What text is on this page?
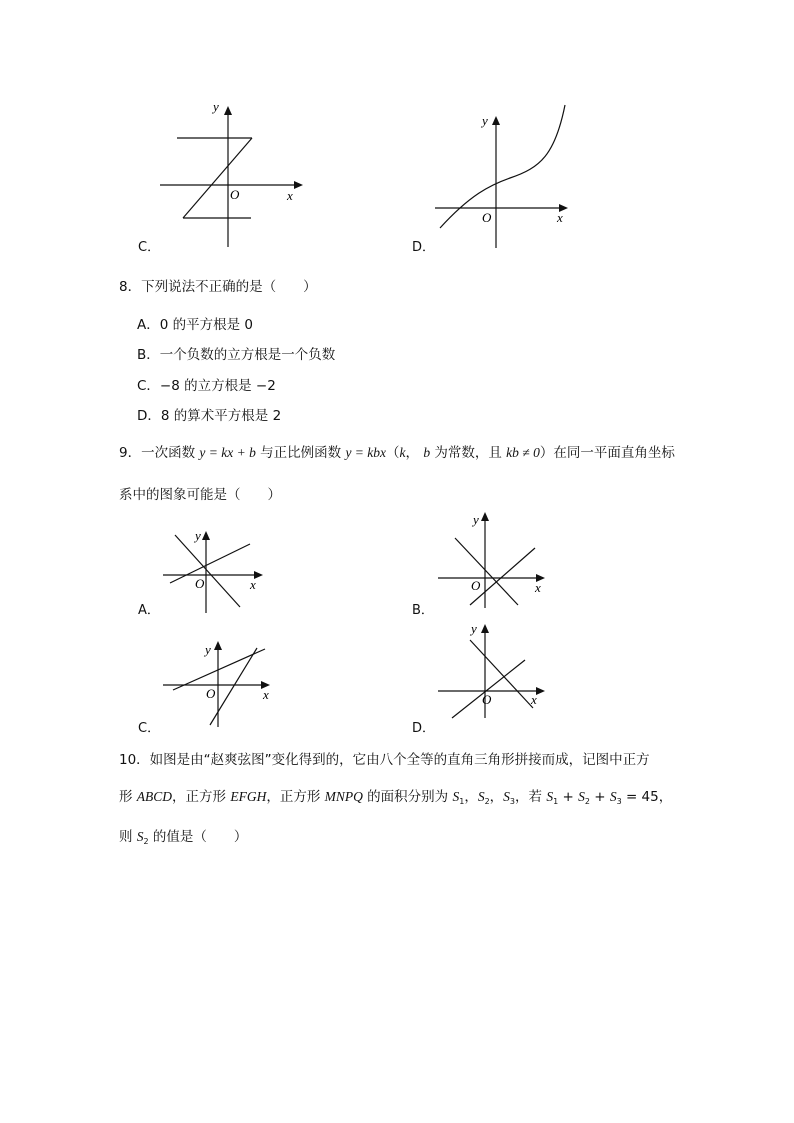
y
x
O
C．
y
x
O
D．
8．下列说法不正确的是（　　）
A．0 的平方根是 0
B．一个负数的立方根是一个负数
C．−8 的立方根是 −2
D．8 的算术平方根是 2
9．一次函数 y = kx + b 与正比例函数 y = kbx（k， b 为常数，且 kb ≠ 0）在同一平面直角坐标
系中的图象可能是（　　）
y
x
O
A．
y
x
O
B．
y
x
O
C．
y
x
O
D．
10．如图是由“赵爽弦图”变化得到的，它由八个全等的直角三角形拼接而成，记图中正方
形 ABCD，正方形 EFGH，正方形 MNPQ 的面积分别为 $S_1$，$S_2$，$S_3$，若 $S_1 + S_2 + S_3 = 45$，
则 $S_2$ 的值是（　　）
